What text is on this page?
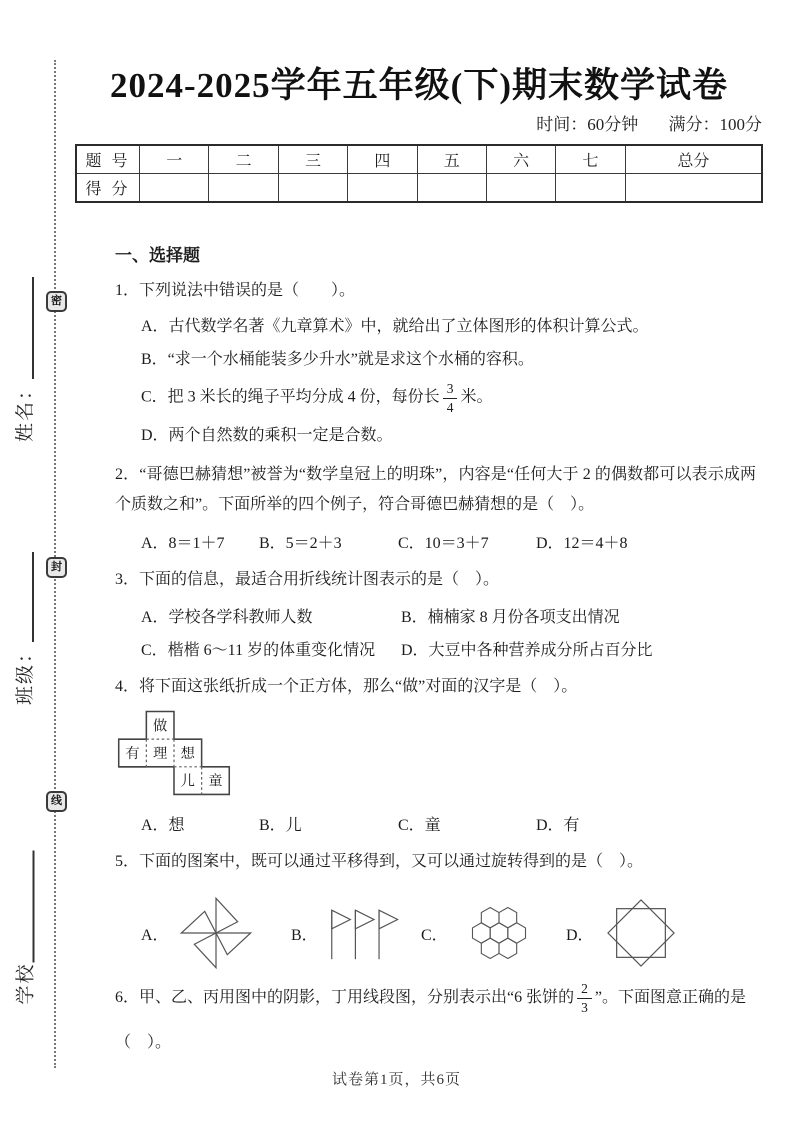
密
封
线
姓名：
班级：
学校
2024-2025学年五年级(下)期末数学试卷
时间：60分钟 满分：100分
题 号	一	二	三	四	五	六	七	总分
得 分								
一、选择题

1．下列说法中错误的是（　　）。

A．古代数学名著《九章算术》中，就给出了立体图形的体积计算公式。
B．“求一个水桶能装多少升水”就是求这个水桶的容积。
C．把 3 米长的绳子平均分成 4 份，每份长 $\frac{3}{4}$ 米。
D．两个自然数的乘积一定是合数。

2．“哥德巴赫猜想”被誉为“数学皇冠上的明珠”，内容是“任何大于 2 的偶数都可以表示成两个质数之和”。下面所举的四个例子，符合哥德巴赫猜想的是（　）。

A．8＝1＋7	B．5＝2＋3	C．10＝3＋7	D．12＝4＋8

3．下面的信息，最适合用折线统计图表示的是（　）。

A．学校各学科教师人数	B．楠楠家 8 月份各项支出情况
C．楷楷 6～11 岁的体重变化情况	D．大豆中各种营养成分所占百分比

4．将下面这张纸折成一个正方体，那么“做”对面的汉字是（　）。

做
有 理 想
儿 童
A．想	B．儿	C．童	D．有

5．下面的图案中，既可以通过平移得到，又可以通过旋转得到的是（　）。

A．	B．	C．	D．

6．甲、乙、丙用图中的阴影，丁用线段图，分别表示出“6 张饼的 $\frac{2}{3}$ ”。下面图意正确的是

（　）。
试卷第1页，共6页
